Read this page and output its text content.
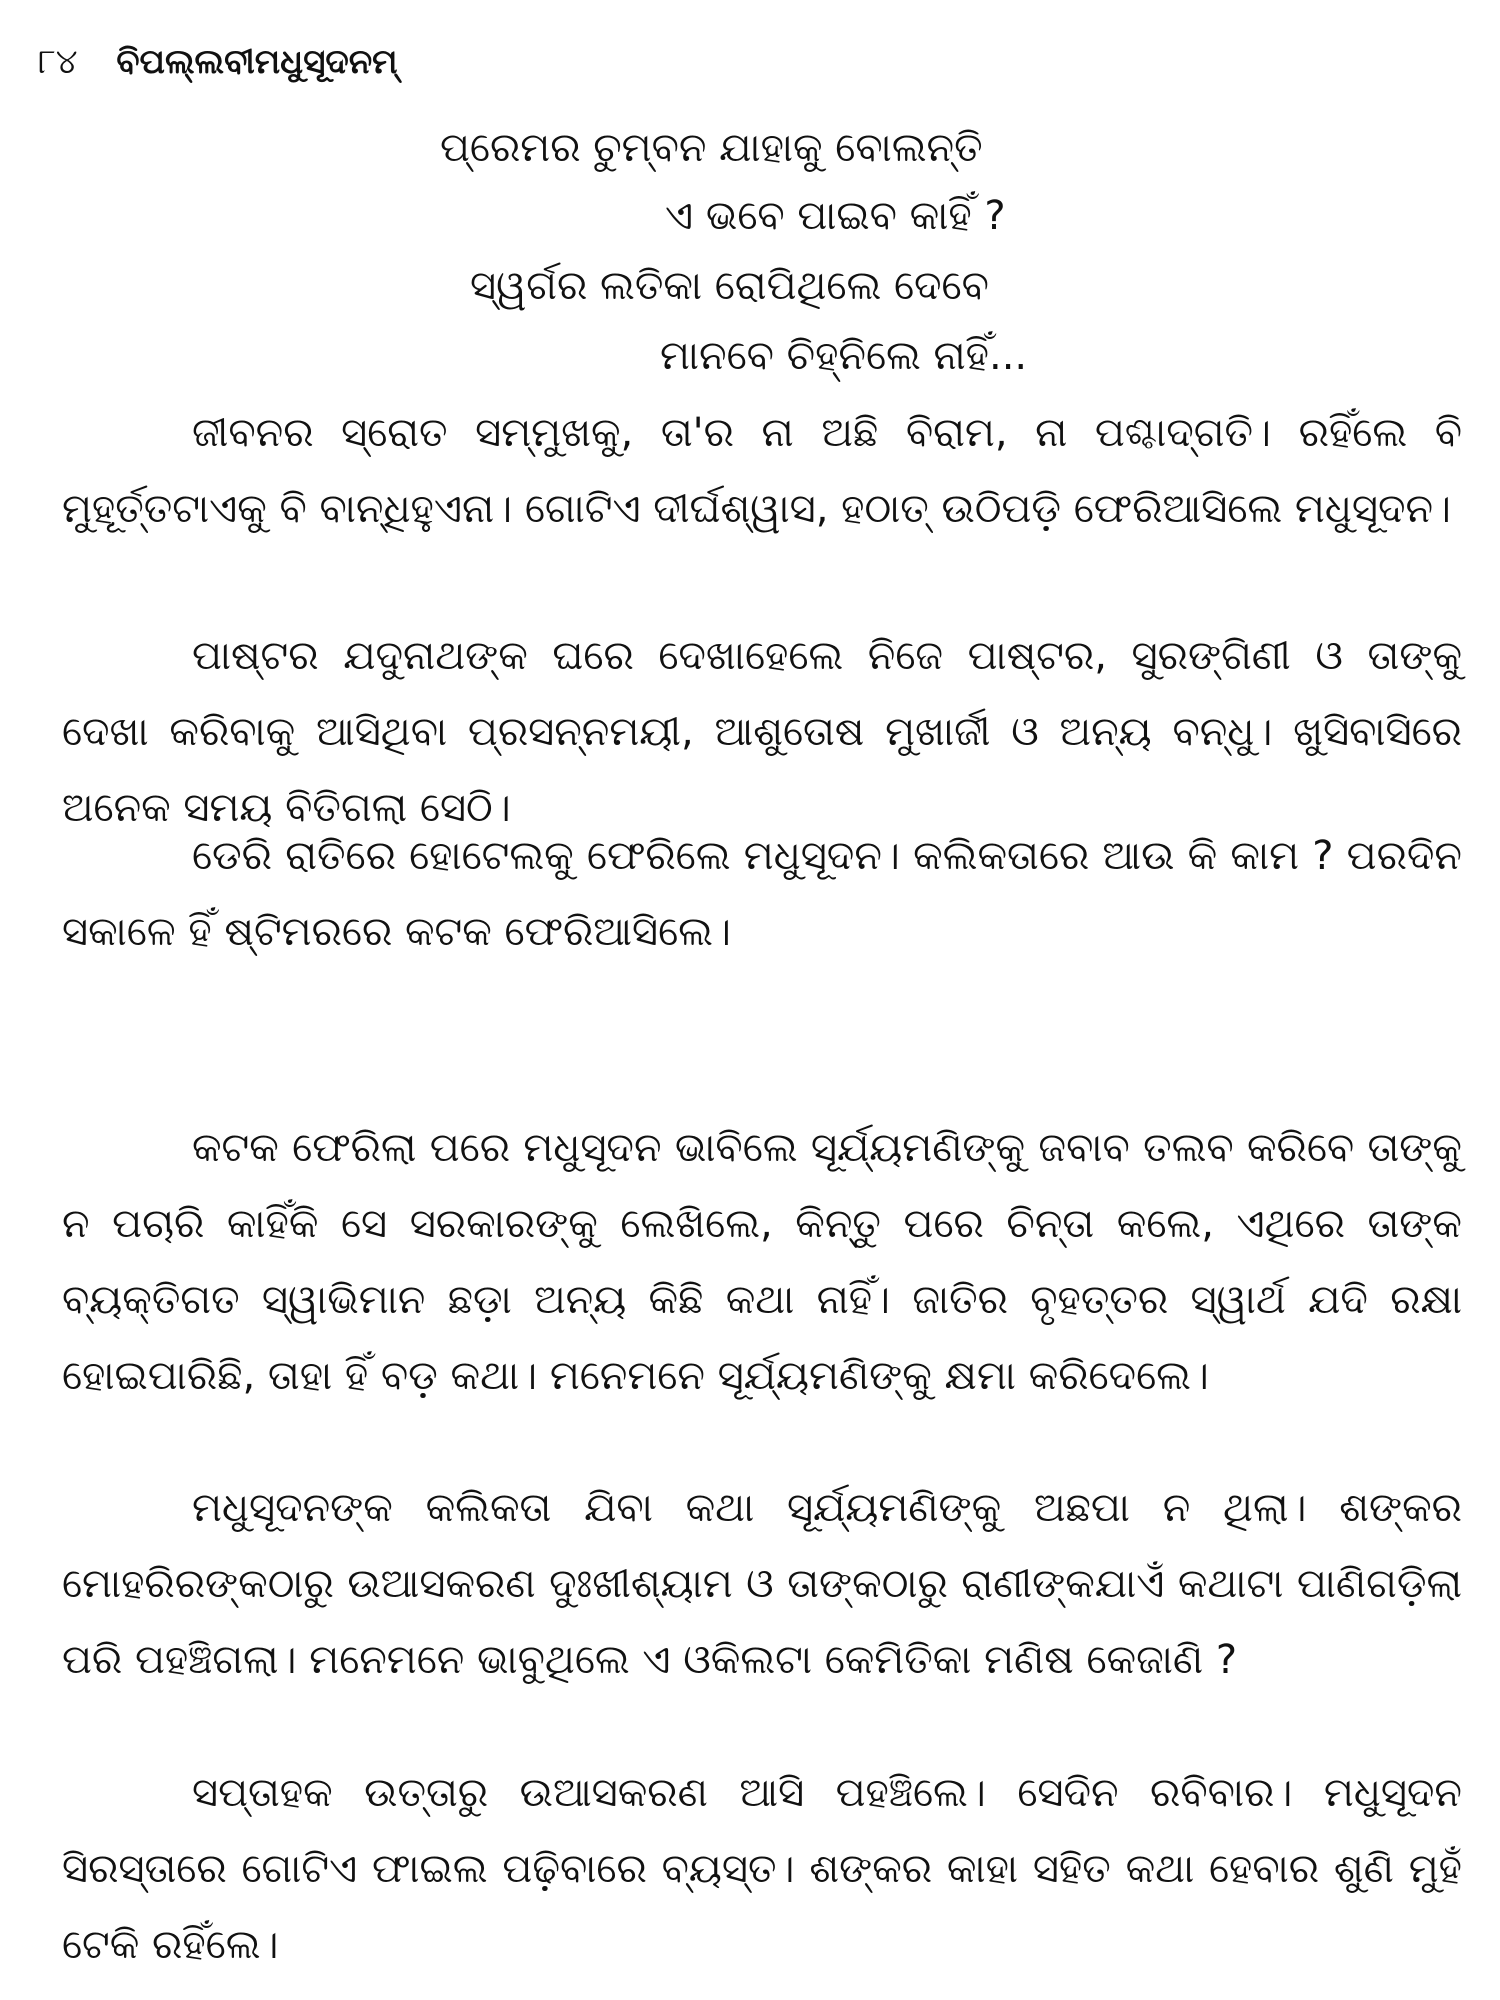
୮୪ ବିପଲ୍ଲବୀମଧୁସୂଦନମ୍
ପ୍ରେମର ଚୁମ୍ବନ ଯାହାକୁ ବୋଲନ୍ତି
ଏ ଭବେ ପାଇବ କାହିଁ ?
ସ୍ୱର୍ଗର ଲତିକା ରୋପିଥିଲେ ଦେବେ
ମାନବେ ଚିହ୍ନିଲେ ନାହିଁ...

ଜୀବନର ସ୍ରୋତ ସମ୍ମୁଖକୁ, ତା'ର ନା ଅଛି ବିରାମ, ନା ପଶ୍ଚାଦ୍‌ଗତି। ରହିଁଲେ ବି ମୁହୂର୍ତ୍ତଟାଏକୁ ବି ବାନ୍ଧିହୁଏନା। ଗୋଟିଏ ଦୀର୍ଘଶ୍ୱାସ, ହଠାତ୍ ଉଠିପଡ଼ି ଫେରିଆସିଲେ ମଧୁସୂଦନ।

ପାଷ୍ଟର ଯଦୁନାଥଙ୍କ ଘରେ ଦେଖାହେଲେ ନିଜେ ପାଷ୍ଟର, ସୁରଙ୍ଗିଣୀ ଓ ତାଙ୍କୁ ଦେଖା କରିବାକୁ ଆସିଥିବା ପ୍ରସନ୍ନମୟୀ, ଆଶୁତୋଷ ମୁଖାର୍ଜୀ ଓ ଅନ୍ୟ ବନ୍ଧୁ। ଖୁସିବାସିରେ ଅନେକ ସମୟ ବିତିଗଲା ସେଠି।

ଡେରି ରାତିରେ ହୋଟେଲକୁ ଫେରିଲେ ମଧୁସୂଦନ। କଲିକତାରେ ଆଉ କି କାମ ? ପରଦିନ ସକାଳେ ହିଁ ଷ୍ଟିମରରେ କଟକ ଫେରିଆସିଲେ।

କଟକ ଫେରିଲା ପରେ ମଧୁସୂଦନ ଭାବିଲେ ସୂର୍ଯ୍ୟମଣିଙ୍କୁ ଜବାବ ତଲବ କରିବେ ତାଙ୍କୁ ନ ପଚାରି କାହିଁକି ସେ ସରକାରଙ୍କୁ ଲେଖିଲେ, କିନ୍ତୁ ପରେ ଚିନ୍ତା କଲେ, ଏଥିରେ ତାଙ୍କ ବ୍ୟକ୍ତିଗତ ସ୍ୱାଭିମାନ ଛଡ଼ା ଅନ୍ୟ କିଛି କଥା ନାହିଁ। ଜାତିର ବୃହତ୍ତର ସ୍ୱାର୍ଥ ଯଦି ରକ୍ଷା ହୋଇପାରିଛି, ତାହା ହିଁ ବଡ଼ କଥା। ମନେମନେ ସୂର୍ଯ୍ୟମଣିଙ୍କୁ କ୍ଷମା କରିଦେଲେ।

ମଧୁସୂଦନଙ୍କ କଲିକତା ଯିବା କଥା ସୂର୍ଯ୍ୟମଣିଙ୍କୁ ଅଛପା ନ ଥିଲା। ଶଙ୍କର ମୋହରିରଙ୍କଠାରୁ ଉଆସକରଣ ଦୁଃଖୀଶ୍ୟାମ ଓ ତାଙ୍କଠାରୁ ରାଣୀଙ୍କଯାଏଁ କଥାଟା ପାଣିଗଡ଼ିଲା ପରି ପହଞ୍ଚିଗଲା। ମନେମନେ ଭାବୁଥିଲେ ଏ ଓକିଲଟା କେମିତିକା ମଣିଷ କେଜାଣି ?

ସପ୍ତାହକ ଉତ୍ତାରୁ ଉଆସକରଣ ଆସି ପହଞ୍ଚିଲେ। ସେଦିନ ରବିବାର। ମଧୁସୂଦନ ସିରସ୍ତାରେ ଗୋଟିଏ ଫାଇଲ ପଢ଼ିବାରେ ବ୍ୟସ୍ତ। ଶଙ୍କର କାହା ସହିତ କଥା ହେବାର ଶୁଣି ମୁହଁ ଟେକି ରହିଁଲେ।
